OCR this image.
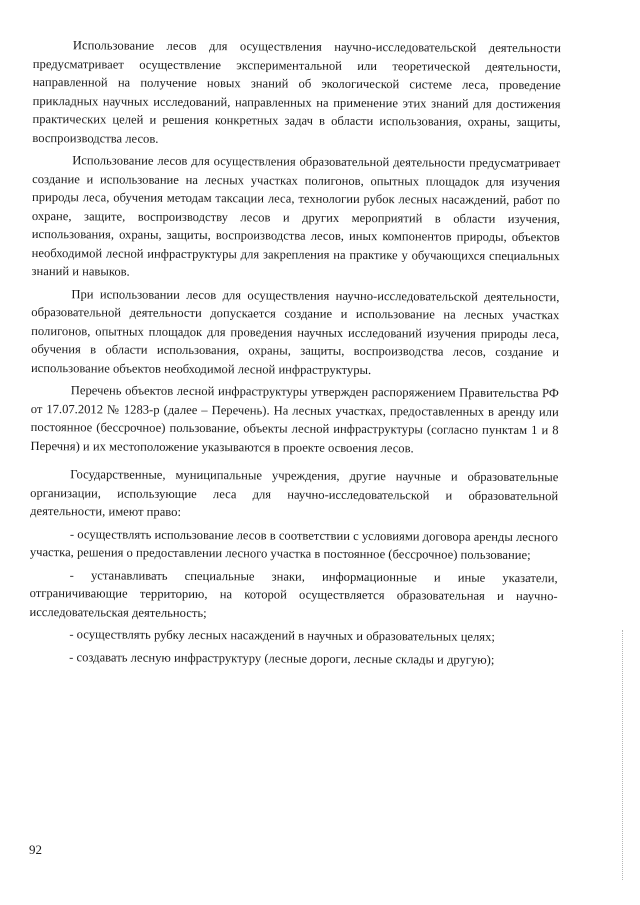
Использование лесов для осуществления научно-исследовательской деятельности предусматривает осуществление экспериментальной или теоретической деятельности, направленной на получение новых знаний об экологической системе леса, проведение прикладных научных исследований, направленных на применение этих знаний для достижения практических целей и решения конкретных задач в области использования, охраны, защиты, воспроизводства лесов.

Использование лесов для осуществления образовательной деятельности предусматривает создание и использование на лесных участках полигонов, опытных площадок для изучения природы леса, обучения методам таксации леса, технологии рубок лесных насаждений, работ по охране, защите, воспроизводству лесов и других мероприятий в области изучения, использования, охраны, защиты, воспроизводства лесов, иных компонентов природы, объектов необходимой лесной инфраструктуры для закрепления на практике у обучающихся специальных знаний и навыков.

При использовании лесов для осуществления научно-исследовательской деятельности, образовательной деятельности допускается создание и использование на лесных участках полигонов, опытных площадок для проведения научных исследований изучения природы леса, обучения в области использования, охраны, защиты, воспроизводства лесов, создание и использование объектов необходимой лесной инфраструктуры.

Перечень объектов лесной инфраструктуры утвержден распоряжением Правительства РФ от 17.07.2012 № 1283-р (далее – Перечень). На лесных участках, предоставленных в аренду или постоянное (бессрочное) пользование, объекты лесной инфраструктуры (согласно пунктам 1 и 8 Перечня) и их местоположение указываются в проекте освоения лесов.

Государственные, муниципальные учреждения, другие научные и образовательные организации, использующие леса для научно-исследовательской и образовательной деятельности, имеют право:

- осуществлять использование лесов в соответствии с условиями договора аренды лесного участка, решения о предоставлении лесного участка в постоянное (бессрочное) пользование;

- устанавливать специальные знаки, информационные и иные указатели, отграничивающие территорию, на которой осуществляется образовательная и научно-исследовательская деятельность;

- осуществлять рубку лесных насаждений в научных и образовательных целях;

- создавать лесную инфраструктуру (лесные дороги, лесные склады и другую);

92
